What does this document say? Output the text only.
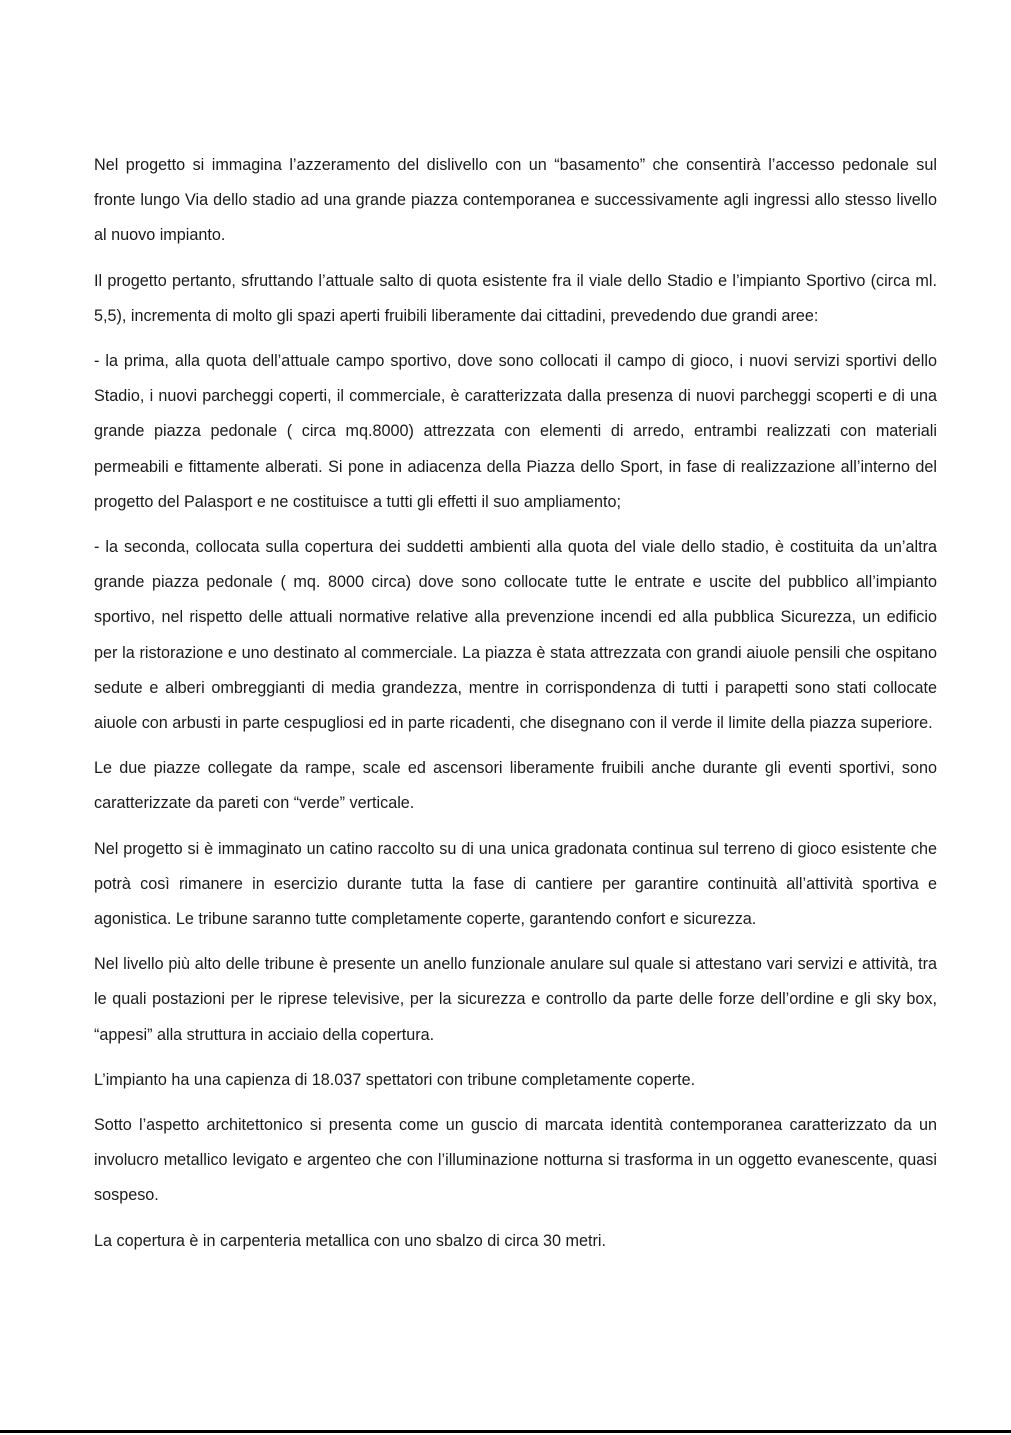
Nel progetto si immagina l’azzeramento del dislivello con un “basamento” che consentirà l’accesso pedonale sul fronte lungo Via dello stadio ad una grande piazza contemporanea e successivamente agli ingressi allo stesso livello al nuovo impianto.

Il progetto pertanto, sfruttando l’attuale salto di quota esistente fra il viale dello Stadio e l’impianto Sportivo (circa ml. 5,5), incrementa di molto gli spazi aperti fruibili liberamente dai cittadini, prevedendo due grandi aree:

- la prima, alla quota dell’attuale campo sportivo, dove sono collocati il campo di gioco, i nuovi servizi sportivi dello Stadio, i nuovi parcheggi coperti, il commerciale, è caratterizzata dalla presenza di nuovi parcheggi scoperti e di una grande piazza pedonale ( circa mq.8000) attrezzata con elementi di arredo, entrambi realizzati con materiali permeabili e fittamente alberati. Si pone in adiacenza della Piazza dello Sport, in fase di realizzazione all’interno del progetto del Palasport e ne costituisce a tutti gli effetti il suo ampliamento;

- la seconda, collocata sulla copertura dei suddetti ambienti alla quota del viale dello stadio, è costituita da un’altra grande piazza pedonale ( mq. 8000 circa) dove sono collocate tutte le entrate e uscite del pubblico all’impianto sportivo, nel rispetto delle attuali normative relative alla prevenzione incendi ed alla pubblica Sicurezza, un edificio per la ristorazione e uno destinato al commerciale. La piazza è stata attrezzata con grandi aiuole pensili che ospitano sedute e alberi ombreggianti di media grandezza, mentre in corrispondenza di tutti i parapetti sono stati collocate aiuole con arbusti in parte cespugliosi ed in parte ricadenti, che disegnano con il verde il limite della piazza superiore.

Le due piazze collegate da rampe, scale ed ascensori liberamente fruibili anche durante gli eventi sportivi, sono caratterizzate da pareti con “verde” verticale.

Nel progetto si è immaginato un catino raccolto su di una unica gradonata continua sul terreno di gioco esistente che potrà così rimanere in esercizio durante tutta la fase di cantiere per garantire continuità all’attività sportiva e agonistica. Le tribune saranno tutte completamente coperte, garantendo confort e sicurezza.

Nel livello più alto delle tribune è presente un anello funzionale anulare sul quale si attestano vari servizi e attività, tra le quali postazioni per le riprese televisive, per la sicurezza e controllo da parte delle forze dell’ordine e gli sky box, “appesi” alla struttura in acciaio della copertura.

L’impianto ha una capienza di 18.037 spettatori con tribune completamente coperte.

Sotto l’aspetto architettonico si presenta come un guscio di marcata identità contemporanea caratterizzato da un involucro metallico levigato e argenteo che con l’illuminazione notturna si trasforma in un oggetto evanescente, quasi sospeso.

La copertura è in carpenteria metallica con uno sbalzo di circa 30 metri.
